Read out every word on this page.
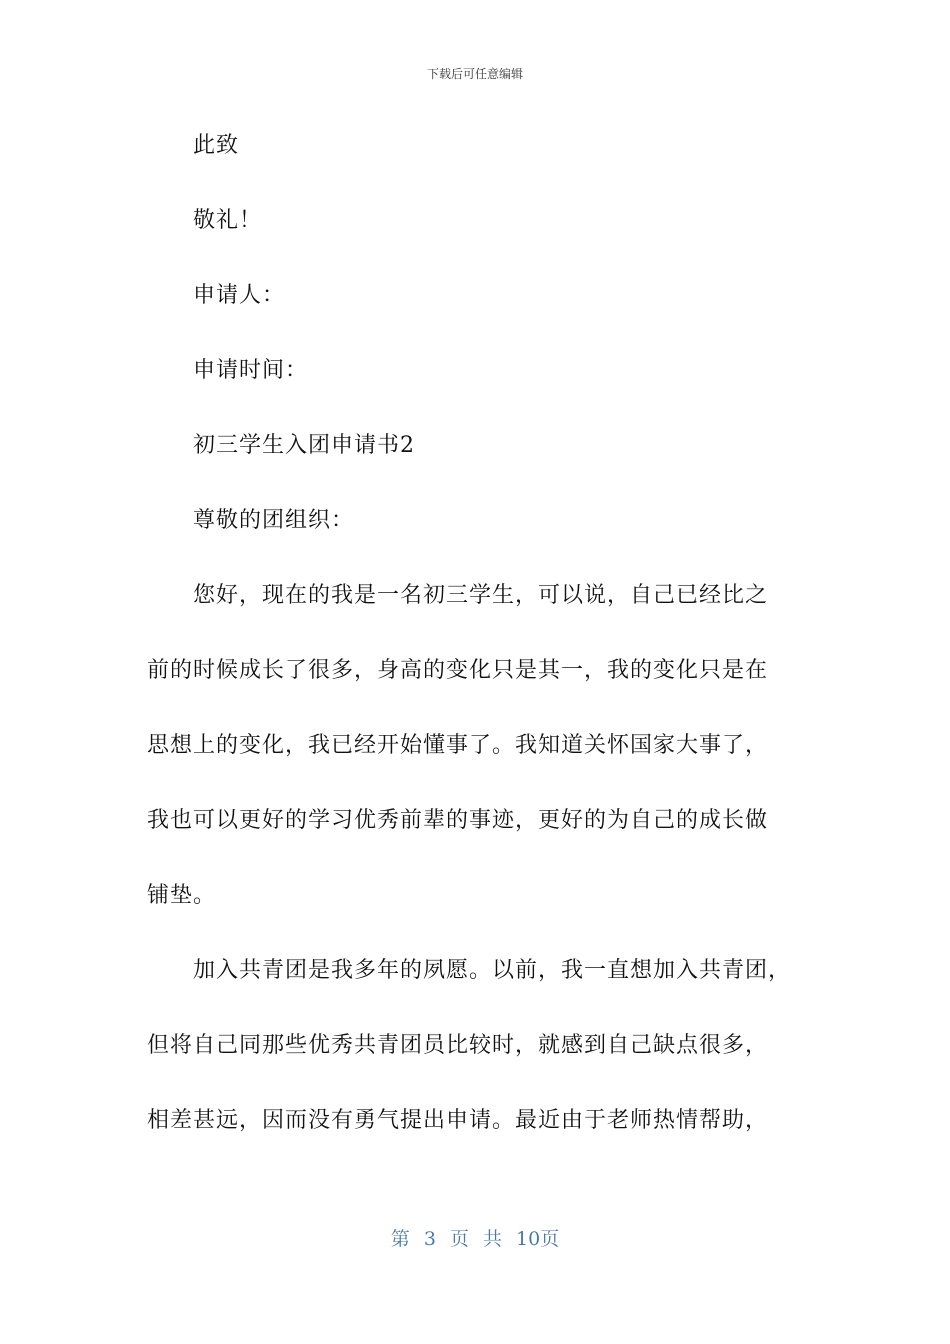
下载后可任意编辑
此致
敬礼！
申请人：
申请时间：
初三学生入团申请书2
尊敬的团组织：
您好，现在的我是一名初三学生，可以说，自己已经比之
前的时候成长了很多，身高的变化只是其一，我的变化只是在
思想上的变化，我已经开始懂事了。我知道关怀国家大事了，
我也可以更好的学习优秀前辈的事迹，更好的为自己的成长做
铺垫。
加入共青团是我多年的夙愿。以前，我一直想加入共青团，
但将自己同那些优秀共青团员比较时，就感到自己缺点很多，
相差甚远，因而没有勇气提出申请。最近由于老师热情帮助，
第 3 页 共 10页
